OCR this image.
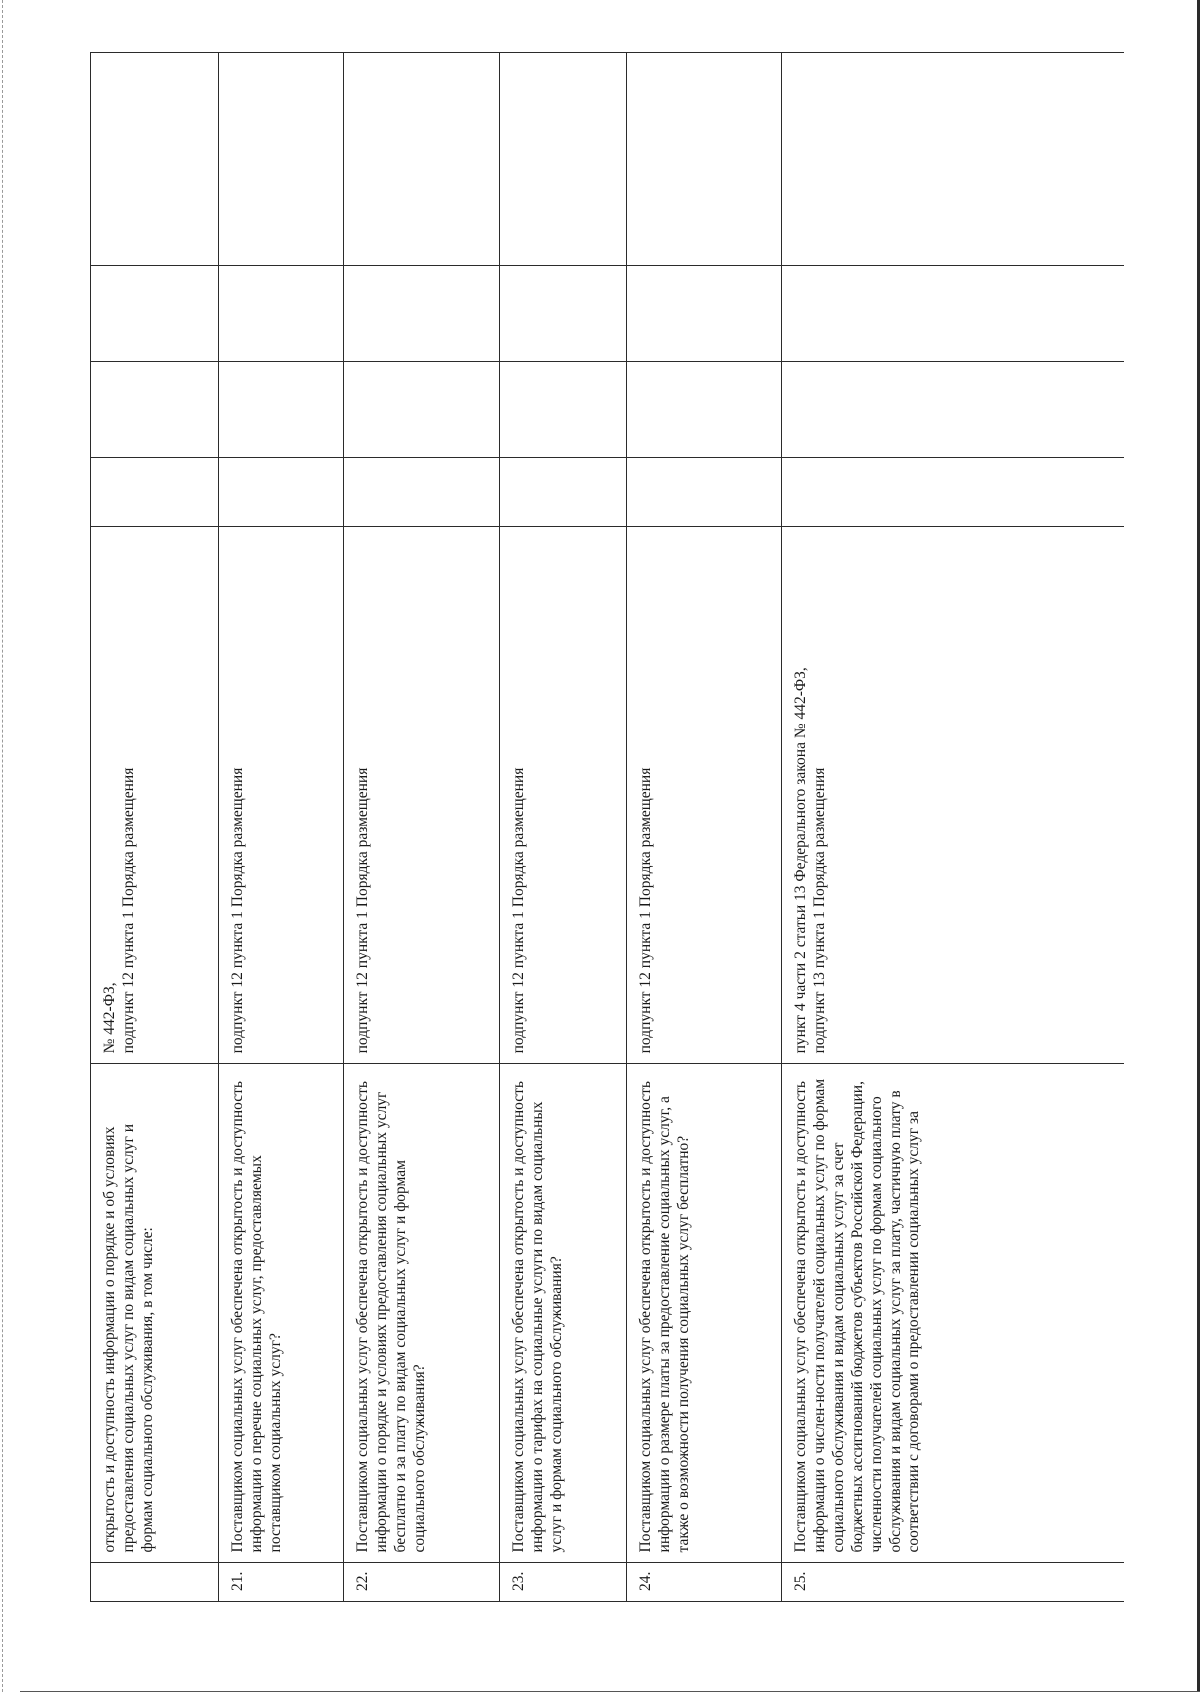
	открытость и доступность информации о порядке и об условиях предоставления социальных услуг по видам социальных услуг и формам социального обслуживания, в том числе:	№ 442-ФЗ,
подпункт 12 пункта 1 Порядка размещения				
21.	Поставщиком социальных услуг обеспечена открытость и доступность информации о перечне социальных услуг, предоставляемых поставщиком социальных услуг?	подпункт 12 пункта 1 Порядка размещения				
22.	Поставщиком социальных услуг обеспечена открытость и доступность информации о порядке и условиях предоставления социальных услуг бесплатно и за плату по видам социальных услуг и формам социального обслуживания?	подпункт 12 пункта 1 Порядка размещения				
23.	Поставщиком социальных услуг обеспечена открытость и доступность информации о тарифах на социальные услуги по видам социальных услуг и формам социального обслуживания?	подпункт 12 пункта 1 Порядка размещения				
24.	Поставщиком социальных услуг обеспечена открытость и доступность информации о размере платы за предоставление социальных услуг, а также о возможности получения социальных услуг бесплатно?	подпункт 12 пункта 1 Порядка размещения				
25.	Поставщиком социальных услуг обеспечена открытость и доступность информации о числен-ности получателей социальных услуг по формам социального обслуживания и видам социальных услуг за счет бюджетных ассигнований бюджетов субъектов Российской Федерации, численности получателей социальных услуг по формам социального обслуживания и видам социальных услуг за плату, частичную плату в соответствии с договорами о предоставлении социальных услуг за	пункт 4 части 2 статьи 13 Федерального закона № 442-ФЗ,
подпункт 13 пункта 1 Порядка размещения				
